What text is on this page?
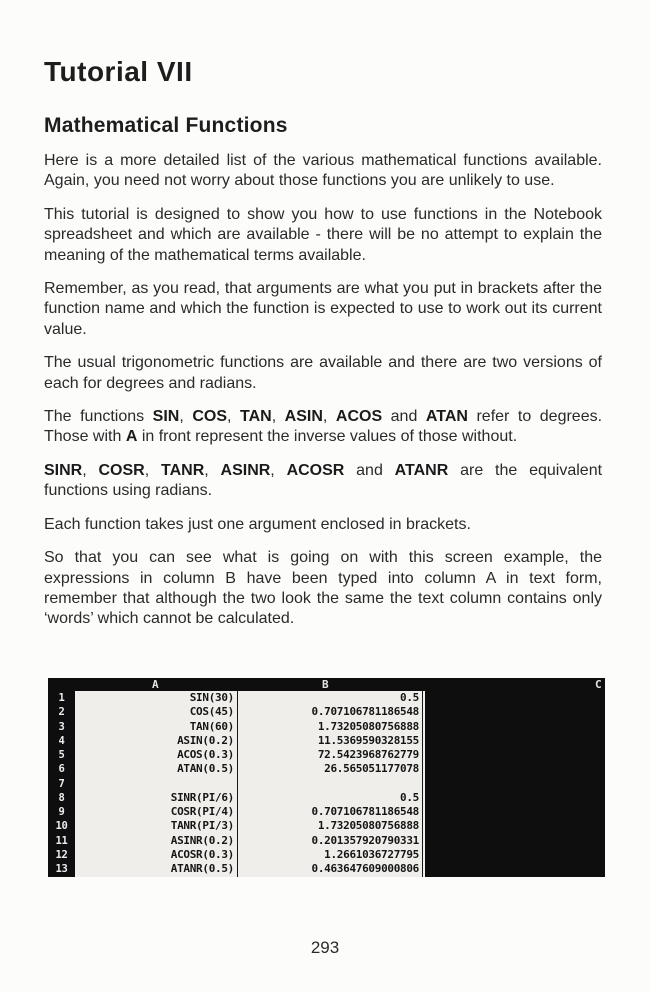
Tutorial VII
Mathematical Functions

Here is a more detailed list of the various mathematical functions available. Again, you need not worry about those functions you are unlikely to use.

This tutorial is designed to show you how to use functions in the Notebook spreadsheet and which are available - there will be no attempt to explain the meaning of the mathematical terms available.

Remember, as you read, that arguments are what you put in brackets after the function name and which the function is expected to use to work out its current value.

The usual trigonometric functions are available and there are two versions of each for degrees and radians.

The functions SIN, COS, TAN, ASIN, ACOS and ATAN refer to degrees. Those with A in front represent the inverse values of those without.

SINR, COSR, TANR, ASINR, ACOSR and ATANR are the equivalent functions using radians.

Each function takes just one argument enclosed in brackets.

So that you can see what is going on with this screen example, the expressions in column B have been typed into column A in text form, remember that although the two look the same the text column contains only ‘words’ which cannot be calculated.

A	B	C
1
2
3
4
5
6
7
8
9
10
11
12
13
SIN(30)
COS(45)
TAN(60)
ASIN(0.2)
ACOS(0.3)
ATAN(0.5)
SINR(PI/6)
COSR(PI/4)
TANR(PI/3)
ASINR(0.2)
ACOSR(0.3)
ATANR(0.5)
0.5
0.707106781186548
1.73205080756888
11.5369590328155
72.5423968762779
26.565051177078
0.5
0.707106781186548
1.73205080756888
0.201357920790331
1.2661036727795
0.463647609000806
293
